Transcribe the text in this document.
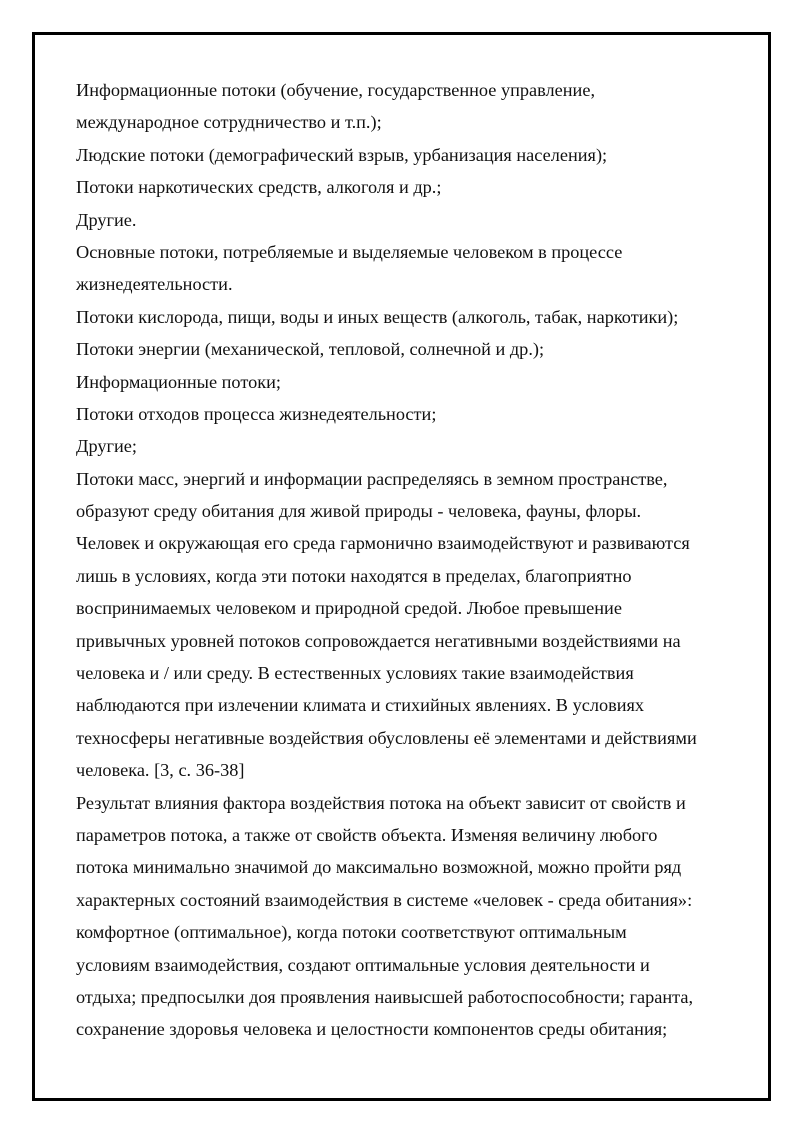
Информационные потоки (обучение, государственное управление,
международное сотрудничество и т.п.);
Людские потоки (демографический взрыв, урбанизация населения);
Потоки наркотических средств, алкоголя и др.;
Другие.
Основные потоки, потребляемые и выделяемые человеком в процессе
жизнедеятельности.
Потоки кислорода, пищи, воды и иных веществ (алкоголь, табак, наркотики);
Потоки энергии (механической, тепловой, солнечной и др.);
Информационные потоки;
Потоки отходов процесса жизнедеятельности;
Другие;
Потоки масс, энергий и информации распределяясь в земном пространстве,
образуют среду обитания для живой природы - человека, фауны, флоры.
Человек и окружающая его среда гармонично взаимодействуют и развиваются
лишь в условиях, когда эти потоки находятся в пределах, благоприятно
воспринимаемых человеком и природной средой. Любое превышение
привычных уровней потоков сопровождается негативными воздействиями на
человека и / или среду. В естественных условиях такие взаимодействия
наблюдаются при излечении климата и стихийных явлениях. В условиях
техносферы негативные воздействия обусловлены её элементами и действиями
человека. [3, с. 36-38]
Результат влияния фактора воздействия потока на объект зависит от свойств и
параметров потока, а также от свойств объекта. Изменяя величину любого
потока минимально значимой до максимально возможной, можно пройти ряд
характерных состояний взаимодействия в системе «человек - среда обитания»:
комфортное (оптимальное), когда потоки соответствуют оптимальным
условиям взаимодействия, создают оптимальные условия деятельности и
отдыха; предпосылки доя проявления наивысшей работоспособности; гаранта,
сохранение здоровья человека и целостности компонентов среды обитания;
